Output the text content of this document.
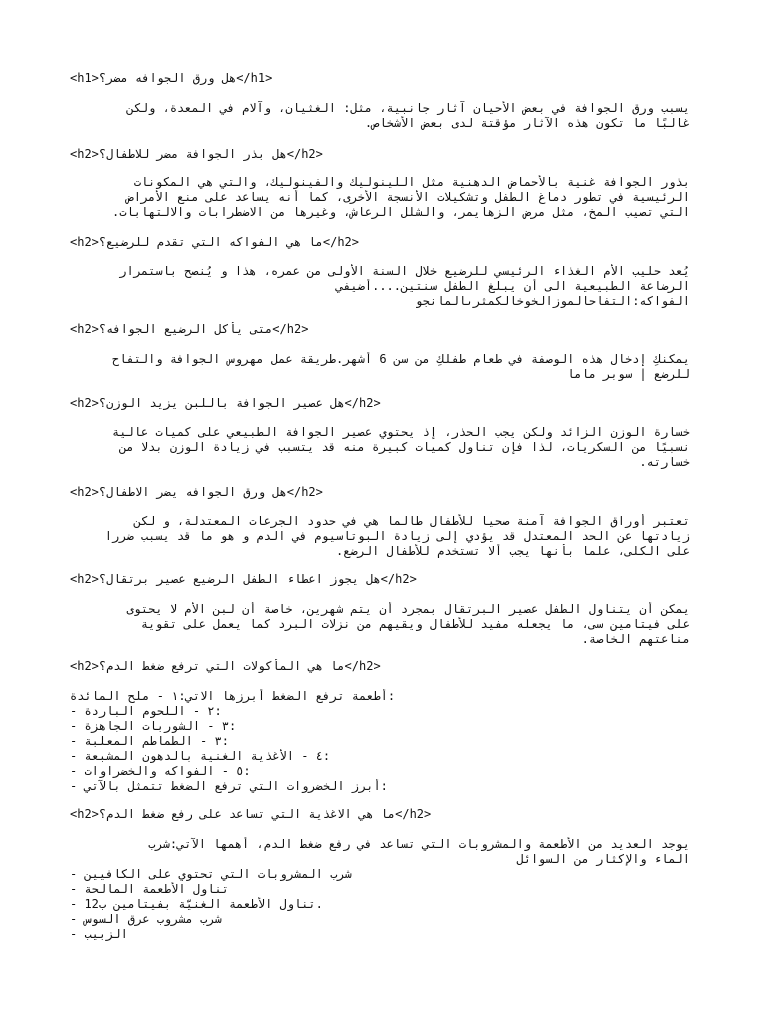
<h1>هل ورق الجوافه مضر؟</h1>
يسبب ورق الجوافة في بعض الأحيان آثار جانبية، مثل: الغثيان، وآلام في المعدة، ولكن
غالبًا ما تكون هذه الآثار مؤقتة لدى بعض الأشخاص.
<h2>هل بذر الجوافة مضر للاطفال؟</h2>
بذور الجوافة غنية بالأحماض الدهنية مثل اللينوليك والفينوليك، والتي هي المكونات
الرئيسية في تطور دماغ الطفل وتشكيلات الأنسجة الأخرى، كما أنه يساعد على منع الأمراض
التي تصيب المخ، مثل مرض الزهايمر، والشلل الرعاش، وغيرها من الاضطرابات والالتهابات.
<h2>ما هي الفواكه التي تقدم للرضيع؟</h2>
يُعد حليب الأم الغذاء الرئيسي للرضيع خلال السنة الأولى من عمره، هذا و يُنصح باستمرار
الرضاعة الطبيعية الى أن يبلغ الطفل سنتين....أضيفي
الفواكه:التفاحالموزالخوخالكمثرىالمانجو
<h2>متى يأكل الرضيع الجوافه؟</h2>
يمكنكِ إدخال هذه الوصفة في طعام طفلكِ من سن 6 أشهر.طريقة عمل مهروس الجوافة والتفاح
للرضع | سوبر ماما
<h2>هل عصير الجوافة باللبن يزيد الوزن؟</h2>
خسارة الوزن الزائد ولكن يجب الحذر، إذ يحتوي عصير الجوافة الطبيعي على كميات عالية
نسبيًا من السكريات، لذا فإن تناول كميات كبيرة منه قد يتسبب في زيادة الوزن بدلا من
خسارته.
<h2>هل ورق الجوافه يضر الاطفال؟</h2>
تعتبر أوراق الجوافة آمنة صحيا للأطفال طالما هي في حدود الجرعات المعتدلة، و لكن
زيادتها عن الحد المعتدل قد يؤدي إلى زيادة البوتاسيوم في الدم و هو ما قد يسبب ضررا
على الكلى، علما بأنها يجب ألا تستخدم للأطفال الرضع.
<h2>هل يجوز اعطاء الطفل الرضيع عصير برتقال؟</h2>
يمكن أن يتناول الطفل عصير البرتقال بمجرد أن يتم شهرين، خاصة أن لبن الأم لا يحتوى
على فيتامين سى، ما يجعله مفيد للأطفال ويقيهم من نزلات البرد كما يعمل على تقوية
مناعتهم الخاصة.
<h2>ما هي المأكولات التي ترفع ضغط الدم؟</h2>
أطعمة ترفع الضغط أبرزها الاتي:١ - ملح المائدة:
- ٢ - اللحوم الباردة:
- ٣ - الشوربات الجاهزة:
- ٣ - الطماطم المعلبة:
- ٤ - الأغذية الغنية بالدهون المشبعة:
- ٥ - الفواكه والخضراوات:
- أبرز الخضروات التي ترفع الضغط تتمثل بالآتي:
<h2>ما هي الاغذية التي تساعد على رفع ضغط الدم؟</h2>
يوجد العديد من الأطعمة والمشروبات التي تساعد في رفع ضغط الدم، أهمها الآتي:شرب
الماء والإكثار من السوائل
- شرب المشروبات التي تحتوي على الكافيين
- تناول الأطعمة المالحة
- تناول الأطعمة الغنيّة بفيتامين ب12.
- شرب مشروب عرق السوس
- الزبيب
